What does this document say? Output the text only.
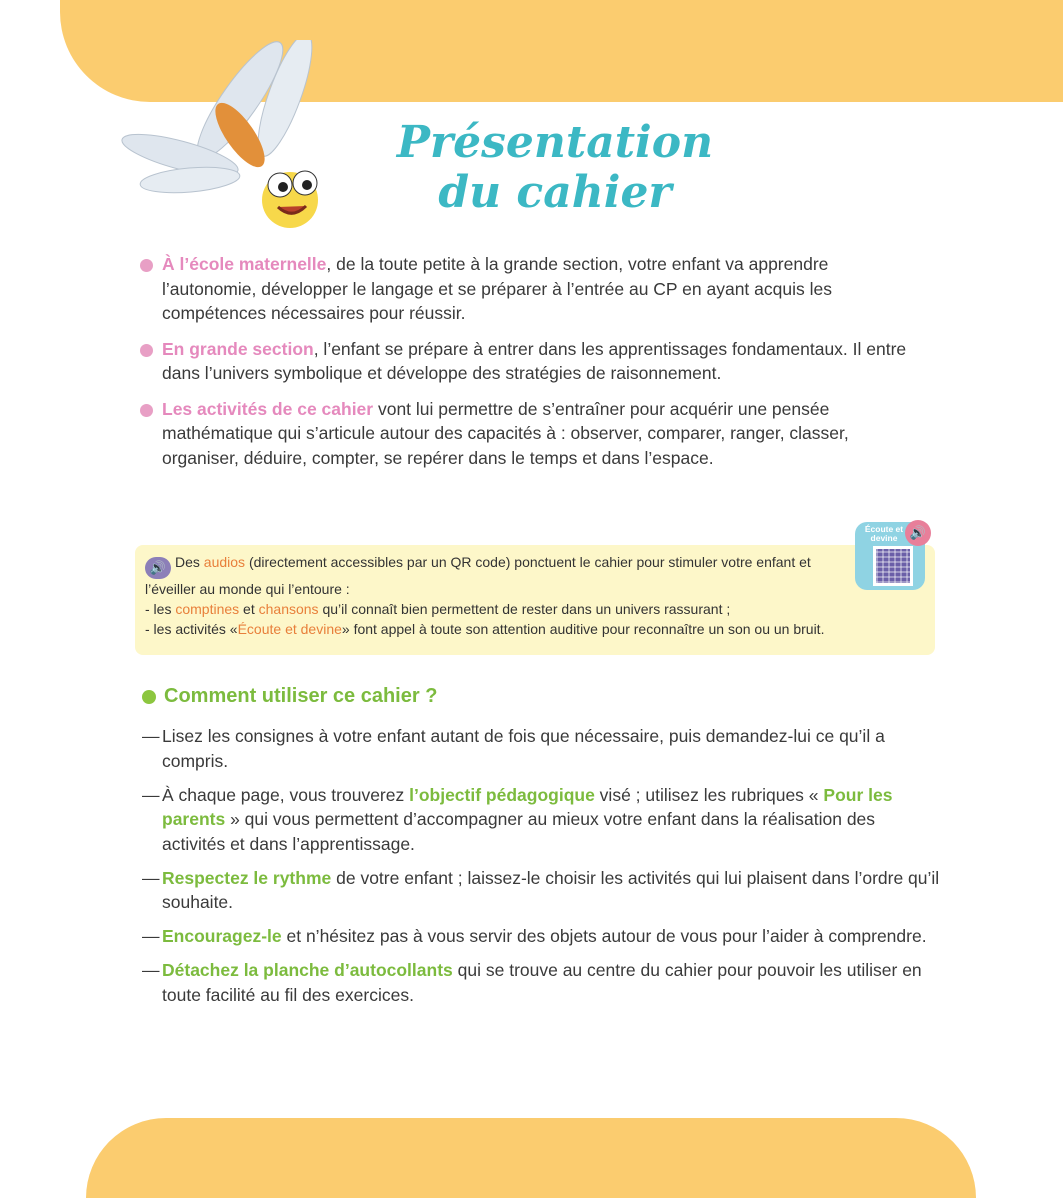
Présentation
du cahier
À l’école maternelle, de la toute petite à la grande section, votre enfant va apprendre l’autonomie, développer le langage et se préparer à l’entrée au CP en ayant acquis les compétences nécessaires pour réussir.
En grande section, l’enfant se prépare à entrer dans les apprentissages fondamentaux. Il entre dans l’univers symbolique et développe des stratégies de raisonnement.
Les activités de ce cahier vont lui permettre de s’entraîner pour acquérir une pensée mathématique qui s’articule autour des capacités à : observer, comparer, ranger, classer, organiser, déduire, compter, se repérer dans le temps et dans l’espace.
🔊 Des audios (directement accessibles par un QR code) ponctuent le cahier pour stimuler votre enfant et l’éveiller au monde qui l’entoure :
- les comptines et chansons qu’il connaît bien permettent de rester dans un univers rassurant ;
- les activités «Écoute et devine» font appel à toute son attention auditive pour reconnaître un son ou un bruit.
Écoute et devine 🔊
Comment utiliser ce cahier ?
— Lisez les consignes à votre enfant autant de fois que nécessaire, puis demandez-lui ce qu’il a compris.
— À chaque page, vous trouverez l’objectif pédagogique visé ; utilisez les rubriques « Pour les parents » qui vous permettent d’accompagner au mieux votre enfant dans la réalisation des activités et dans l’apprentissage.
— Respectez le rythme de votre enfant ; laissez-le choisir les activités qui lui plaisent dans l’ordre qu’il souhaite.
— Encouragez-le et n’hésitez pas à vous servir des objets autour de vous pour l’aider à comprendre.
— Détachez la planche d’autocollants qui se trouve au centre du cahier pour pouvoir les utiliser en toute facilité au fil des exercices.
